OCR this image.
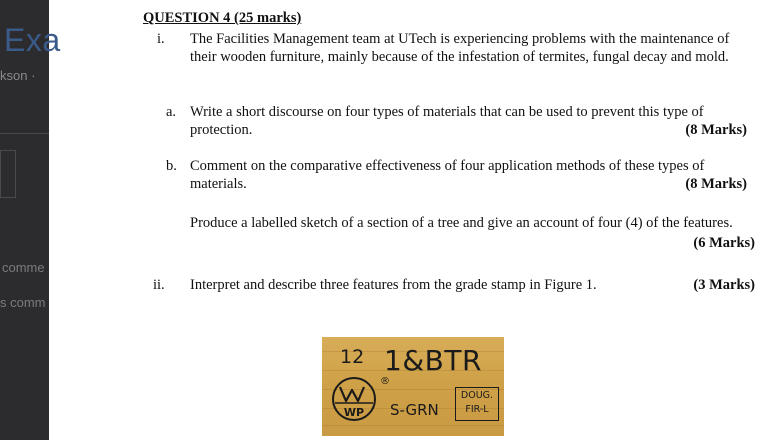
Exa
kson ·
comme
s comm
QUESTION 4 (25 marks)
i. The Facilities Management team at UTech is experiencing problems with the maintenance of their wooden furniture, mainly because of the infestation of termites, fungal decay and mold.
a. Write a short discourse on four types of materials that can be used to prevent this type of protection.	(8 Marks)
b. Comment on the comparative effectiveness of four application methods of these types of materials.	(8 Marks)
Produce a labelled sketch of a section of a tree and give an account of four (4) of the features.
(6 Marks)
ii. Interpret and describe three features from the grade stamp in Figure 1.	(3 Marks)
12 1&BTR
WP
®
S-GRN
DOUG.
FIR-L
